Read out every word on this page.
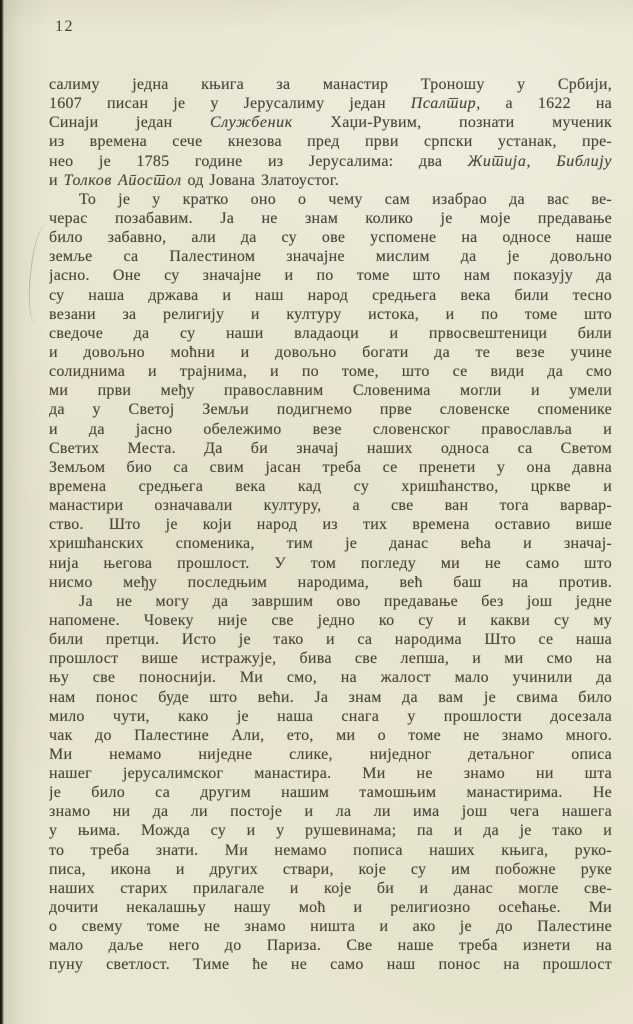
12
салиму једна књига за манастир Троношу у Србији,
1607 писан је у Јерусалиму један Псалтир, а 1622 на
Синаји један Службеник Хаџи-Рувим, познати мученик
из времена сече кнезова пред први српски устанак, пре-
нео је 1785 године из Јерусалима: два Житија, Библију
и Толков Апостол од Јована Златоустог.
То је у кратко оно о чему сам изабрао да вас ве-
черас позабавим. Ја не знам колико је моје предавање
било забавно, али да су ове успомене на односе наше
земље са Палестином значајне мислим да је довољно
јасно. Оне су значајне и по томе што нам показују да
су наша држава и наш народ средњега века били тесно
везани за религију и културу истока, и по томе што
сведоче да су наши владаоци и првосвештеници били
и довољно моћни и довољно богати да те везе учине
солиднима и трајнима, и по томе, што се види да смо
ми први међу православним Словенима могли и умели
да у Светој Земљи подигнемо прве словенске споменике
и да јасно обележимо везе словенског православља и
Светих Места. Да би значај наших односа са Светом
Земљом био са свим јасан треба се пренети у она давна
времена средњега века кад су хришћанство, цркве и
манастири означавали културу, а све ван тога варвар-
ство. Што је који народ из тих времена оставио више
хришћанских споменика, тим је данас већа и значај-
нија његова прошлост. У том погледу ми не само што
нисмо међу последњим народима, већ баш на против.
Ја не могу да завршим ово предавање без још једне
напомене. Човеку није све једно ко су и какви су му
били претци. Исто је тако и са народима Што се наша
прошлост више истражује, бива све лепша, и ми смо на
њу све поноснији. Ми смо, на жалост мало учинили да
нам понос буде што већи. Ја знам да вам је свима било
мило чути, како је наша снага у прошлости досезала
чак до Палестине Али, ето, ми о томе не знамо много.
Ми немамо ниједне слике, ниједног детаљног описа
нашег јерусалимског манастира. Ми не знамо ни шта
је било са другим нашим тамошњим манастирима. Не
знамо ни да ли постоје и ла ли има још чега нашега
у њима. Можда су и у рушевинама; па и да је тако и
то треба знати. Ми немамо пописа наших књига, руко-
писа, икона и других ствари, које су им побожне руке
наших старих прилагале и које би и данас могле све-
дочити некалашњу нашу моћ и религиозно осећање. Ми
о свему томе не знамо ништа и ако је до Палестине
мало даље него до Париза. Све наше треба изнети на
пуну светлост. Тиме ће не само наш понос на прошлост
